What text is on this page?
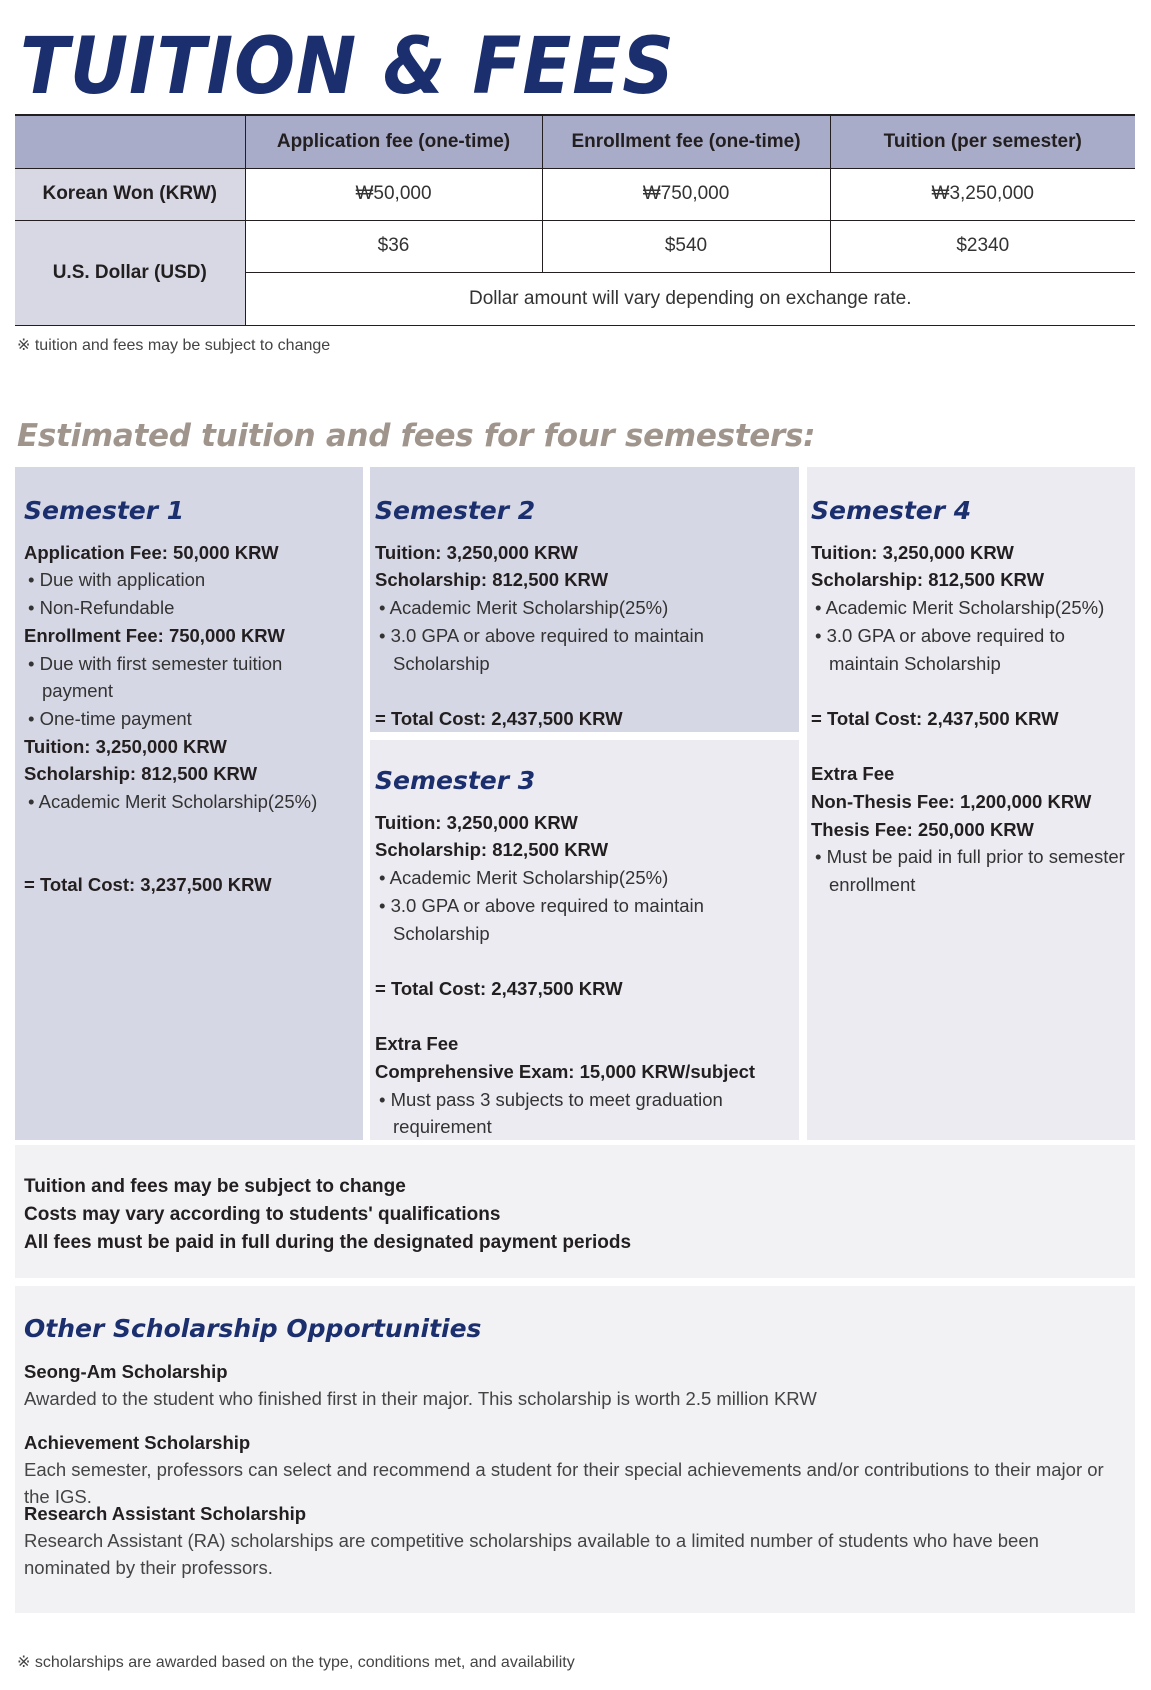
TUITION & FEES
	Application fee (one-time)	Enrollment fee (one-time)	Tuition (per semester)
Korean Won (KRW)	₩50,000	₩750,000	₩3,250,000
U.S. Dollar (USD)	$36	$540	$2340
	Dollar amount will vary depending on exchange rate.		
※ tuition and fees may be subject to change
Estimated tuition and fees for four semesters:
Semester 1
Application Fee: 50,000 KRW
• Due with application
• Non-Refundable
Enrollment Fee: 750,000 KRW
• Due with first semester tuition payment
• One-time payment
Tuition: 3,250,000 KRW
Scholarship: 812,500 KRW
• Academic Merit Scholarship(25%)
= Total Cost: 3,237,500 KRW
Semester 2
Tuition: 3,250,000 KRW
Scholarship: 812,500 KRW
• Academic Merit Scholarship(25%)
• 3.0 GPA or above required to maintain Scholarship
= Total Cost: 2,437,500 KRW
Semester 3
Tuition: 3,250,000 KRW
Scholarship: 812,500 KRW
• Academic Merit Scholarship(25%)
• 3.0 GPA or above required to maintain Scholarship
= Total Cost: 2,437,500 KRW
Extra Fee
Comprehensive Exam: 15,000 KRW/subject
• Must pass 3 subjects to meet graduation requirement
Semester 4
Tuition: 3,250,000 KRW
Scholarship: 812,500 KRW
• Academic Merit Scholarship(25%)
• 3.0 GPA or above required to maintain Scholarship
= Total Cost: 2,437,500 KRW
Extra Fee
Non-Thesis Fee: 1,200,000 KRW
Thesis Fee: 250,000 KRW
• Must be paid in full prior to semester enrollment
Tuition and fees may be subject to change
Costs may vary according to students' qualifications
All fees must be paid in full during the designated payment periods
Other Scholarship Opportunities
Seong-Am Scholarship
Awarded to the student who finished first in their major. This scholarship is worth 2.5 million KRW
Achievement Scholarship
Each semester, professors can select and recommend a student for their special achievements and/or contributions to their major or the IGS.
Research Assistant Scholarship
Research Assistant (RA) scholarships are competitive scholarships available to a limited number of students who have been nominated by their professors.
※ scholarships are awarded based on the type, conditions met, and availability
